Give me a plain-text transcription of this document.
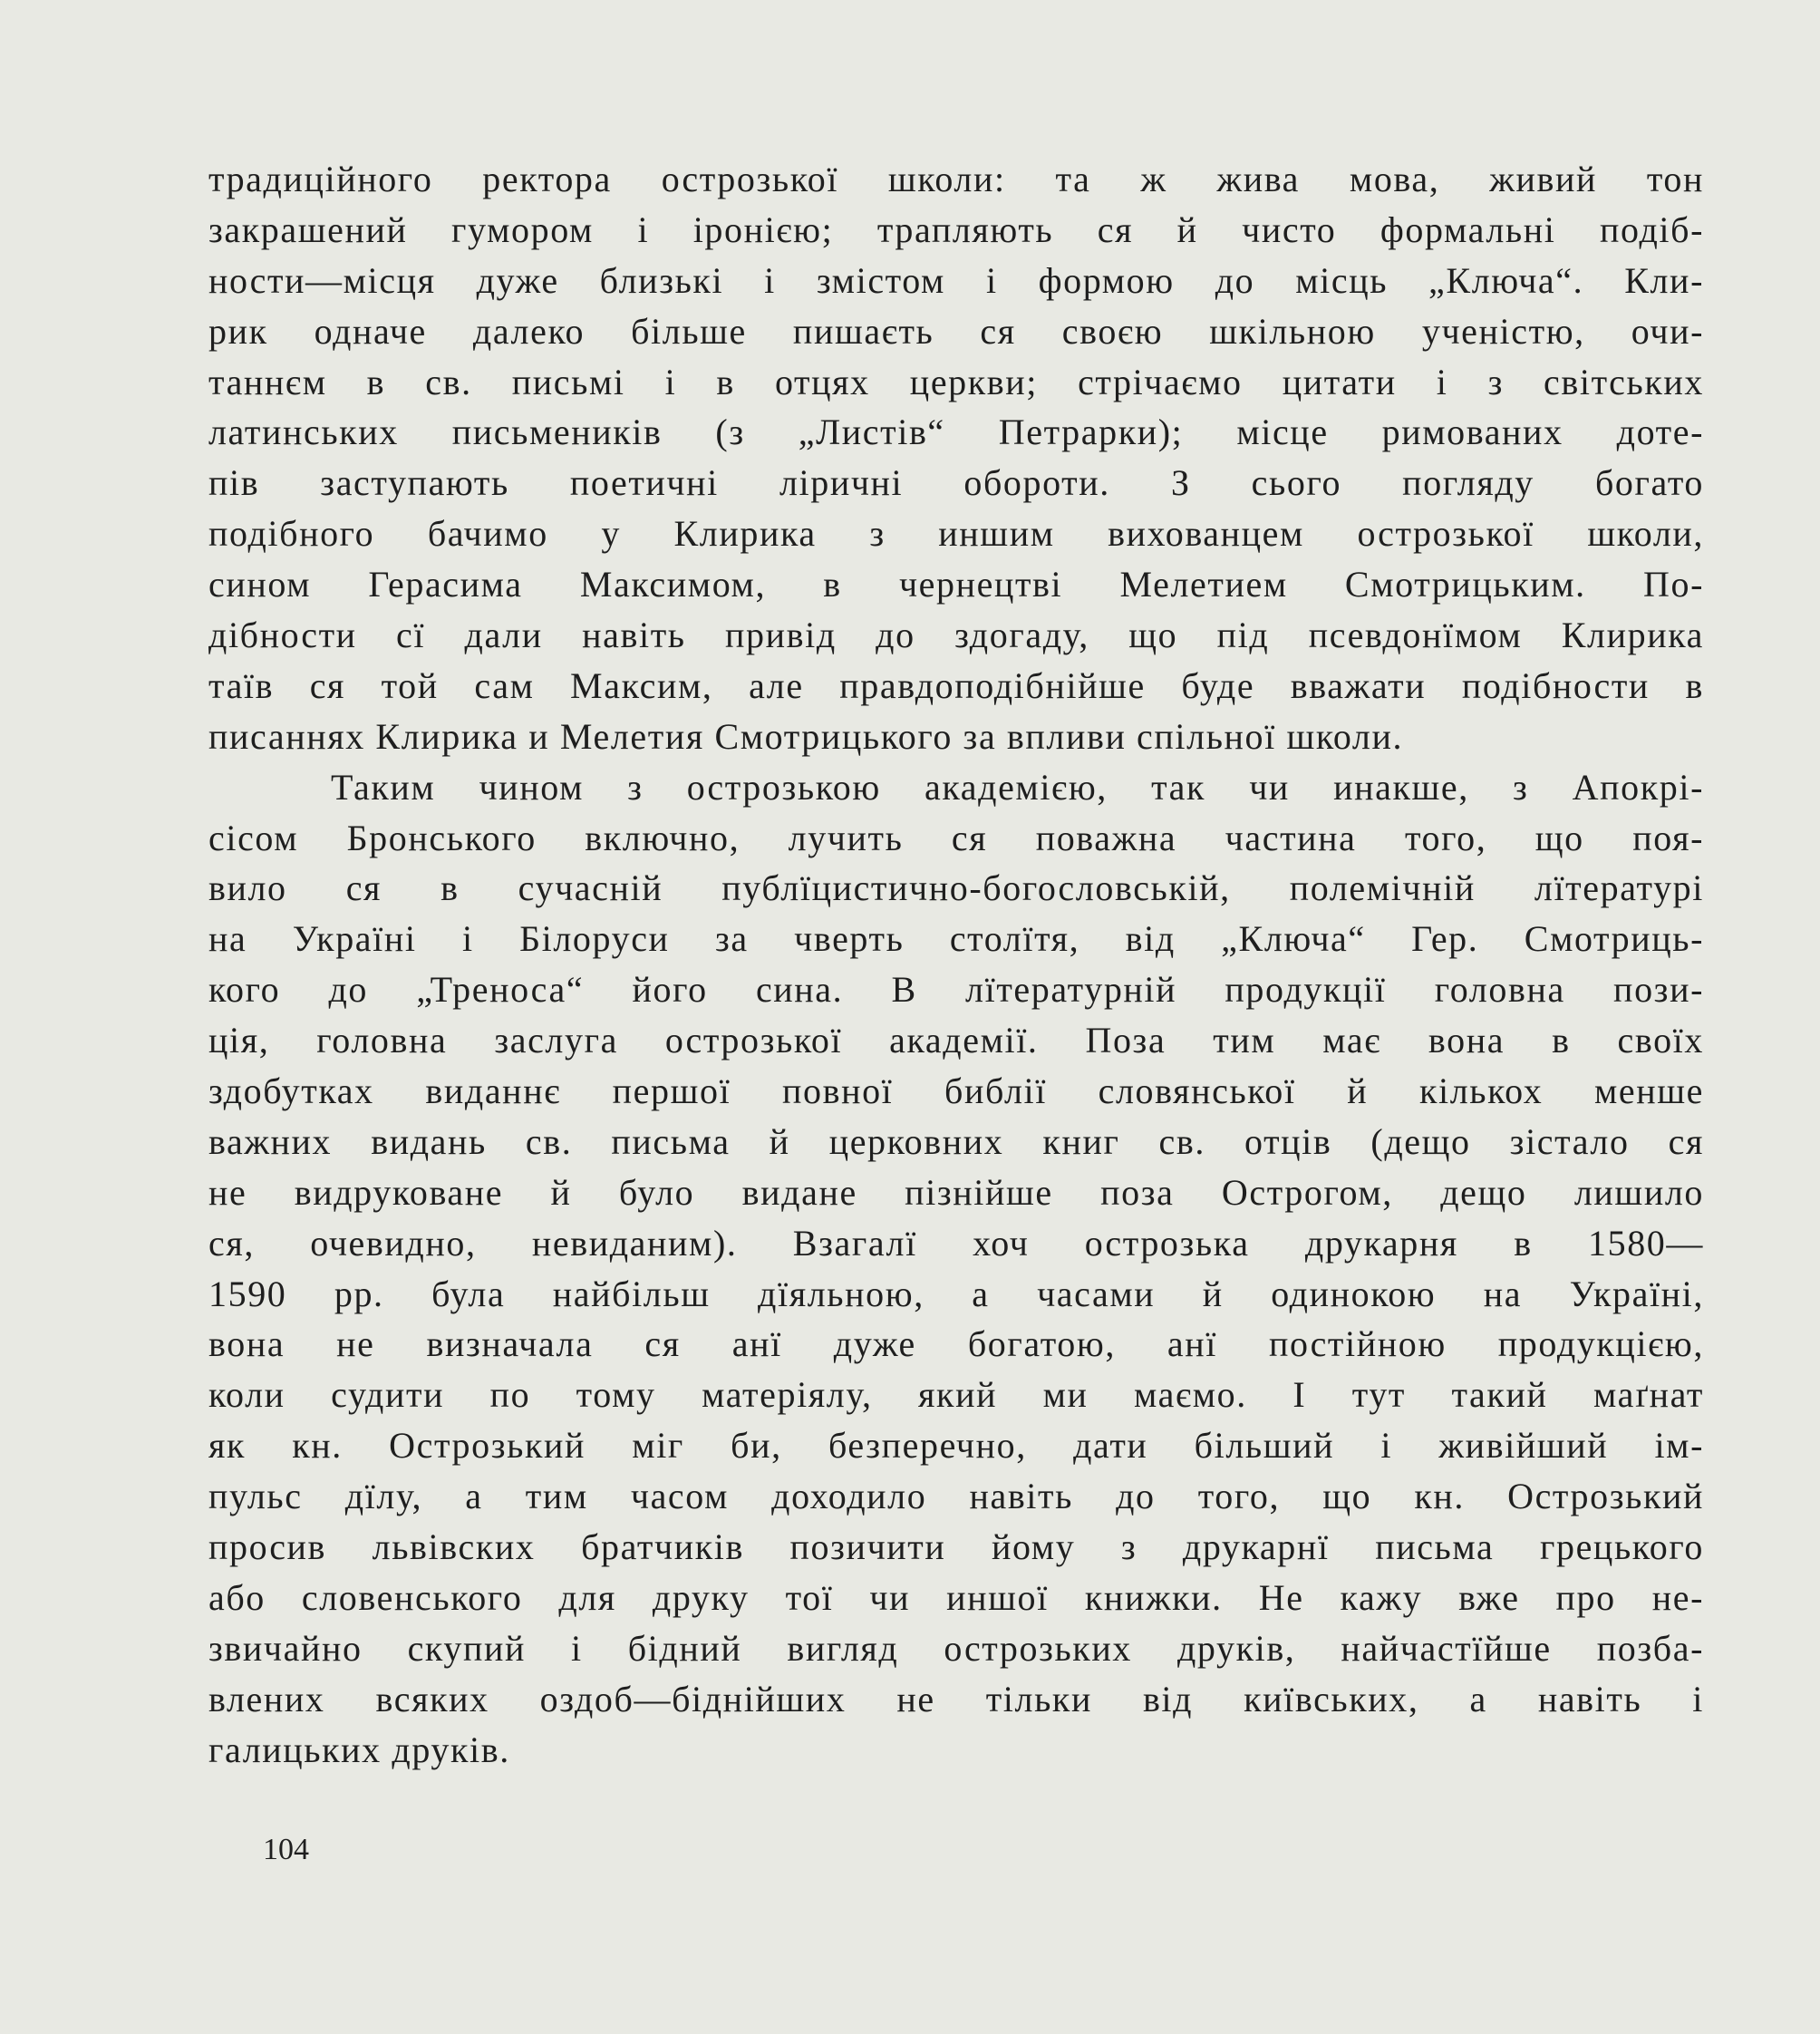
традиційного ректора острозької школи: та ж жива мова, живий тон
закрашений гумором і іронією; трапляють ся й чисто формальні подіб-
ности—місця дуже близькі і змістом і формою до місць „Ключа“. Кли-
рик одначе далеко більше пишаєть ся своєю шкільною ученістю, очи-
таннєм в св. письмі і в отцях церкви; стрічаємо цитати і з світських
латинських письмеників (з „Листів“ Петрарки); місце римованих доте-
пів заступають поетичні ліричні обороти. З сього погляду богато
подібного бачимо у Клирика з иншим вихованцем острозької школи,
сином Герасима Максимом, в чернецтві Мелетием Смотрицьким. По-
дібности сї дали навіть привід до здогаду, що під псевдонїмом Клирика
таїв ся той сам Максим, але правдоподібнійше буде вважати подібности в
писаннях Клирика и Мелетия Смотрицького за впливи спільної школи.
Таким чином з острозькою академією, так чи инакше, з Апокрі-
сісом Бронського включно, лучить ся поважна частина того, що поя-
вило ся в сучасній публїцистично-богословській, полемічній лїтературі
на Україні і Білоруси за чверть столїтя, від „Ключа“ Гер. Смотриць-
кого до „Треноса“ його сина. В лїтературній продукції головна пози-
ція, головна заслуга острозької академії. Поза тим має вона в своїх
здобутках виданнє першої повної библії словянської й кількох менше
важних видань св. письма й церковних книг св. отців (дещо зістало ся
не видруковане й було видане пізнійше поза Острогом, дещо лишило
ся, очевидно, невиданим). Взагалї хоч острозька друкарня в 1580—
1590 рр. була найбільш дїяльною, а часами й одинокою на Україні,
вона не визначала ся анї дуже богатою, анї постійною продукцією,
коли судити по тому матеріялу, який ми маємо. І тут такий маґнат
як кн. Острозький міг би, безперечно, дати більший і живійший ім-
пульс дїлу, а тим часом доходило навіть до того, що кн. Острозький
просив львівских братчиків позичити йому з друкарнї письма грецького
або словенського для друку тої чи иншої книжки. Не кажу вже про не-
звичайно скупий і бідний вигляд острозьких друків, найчастїйше позба-
влених всяких оздоб—біднійших не тільки від київських, а навіть і
галицьких друків.
104
